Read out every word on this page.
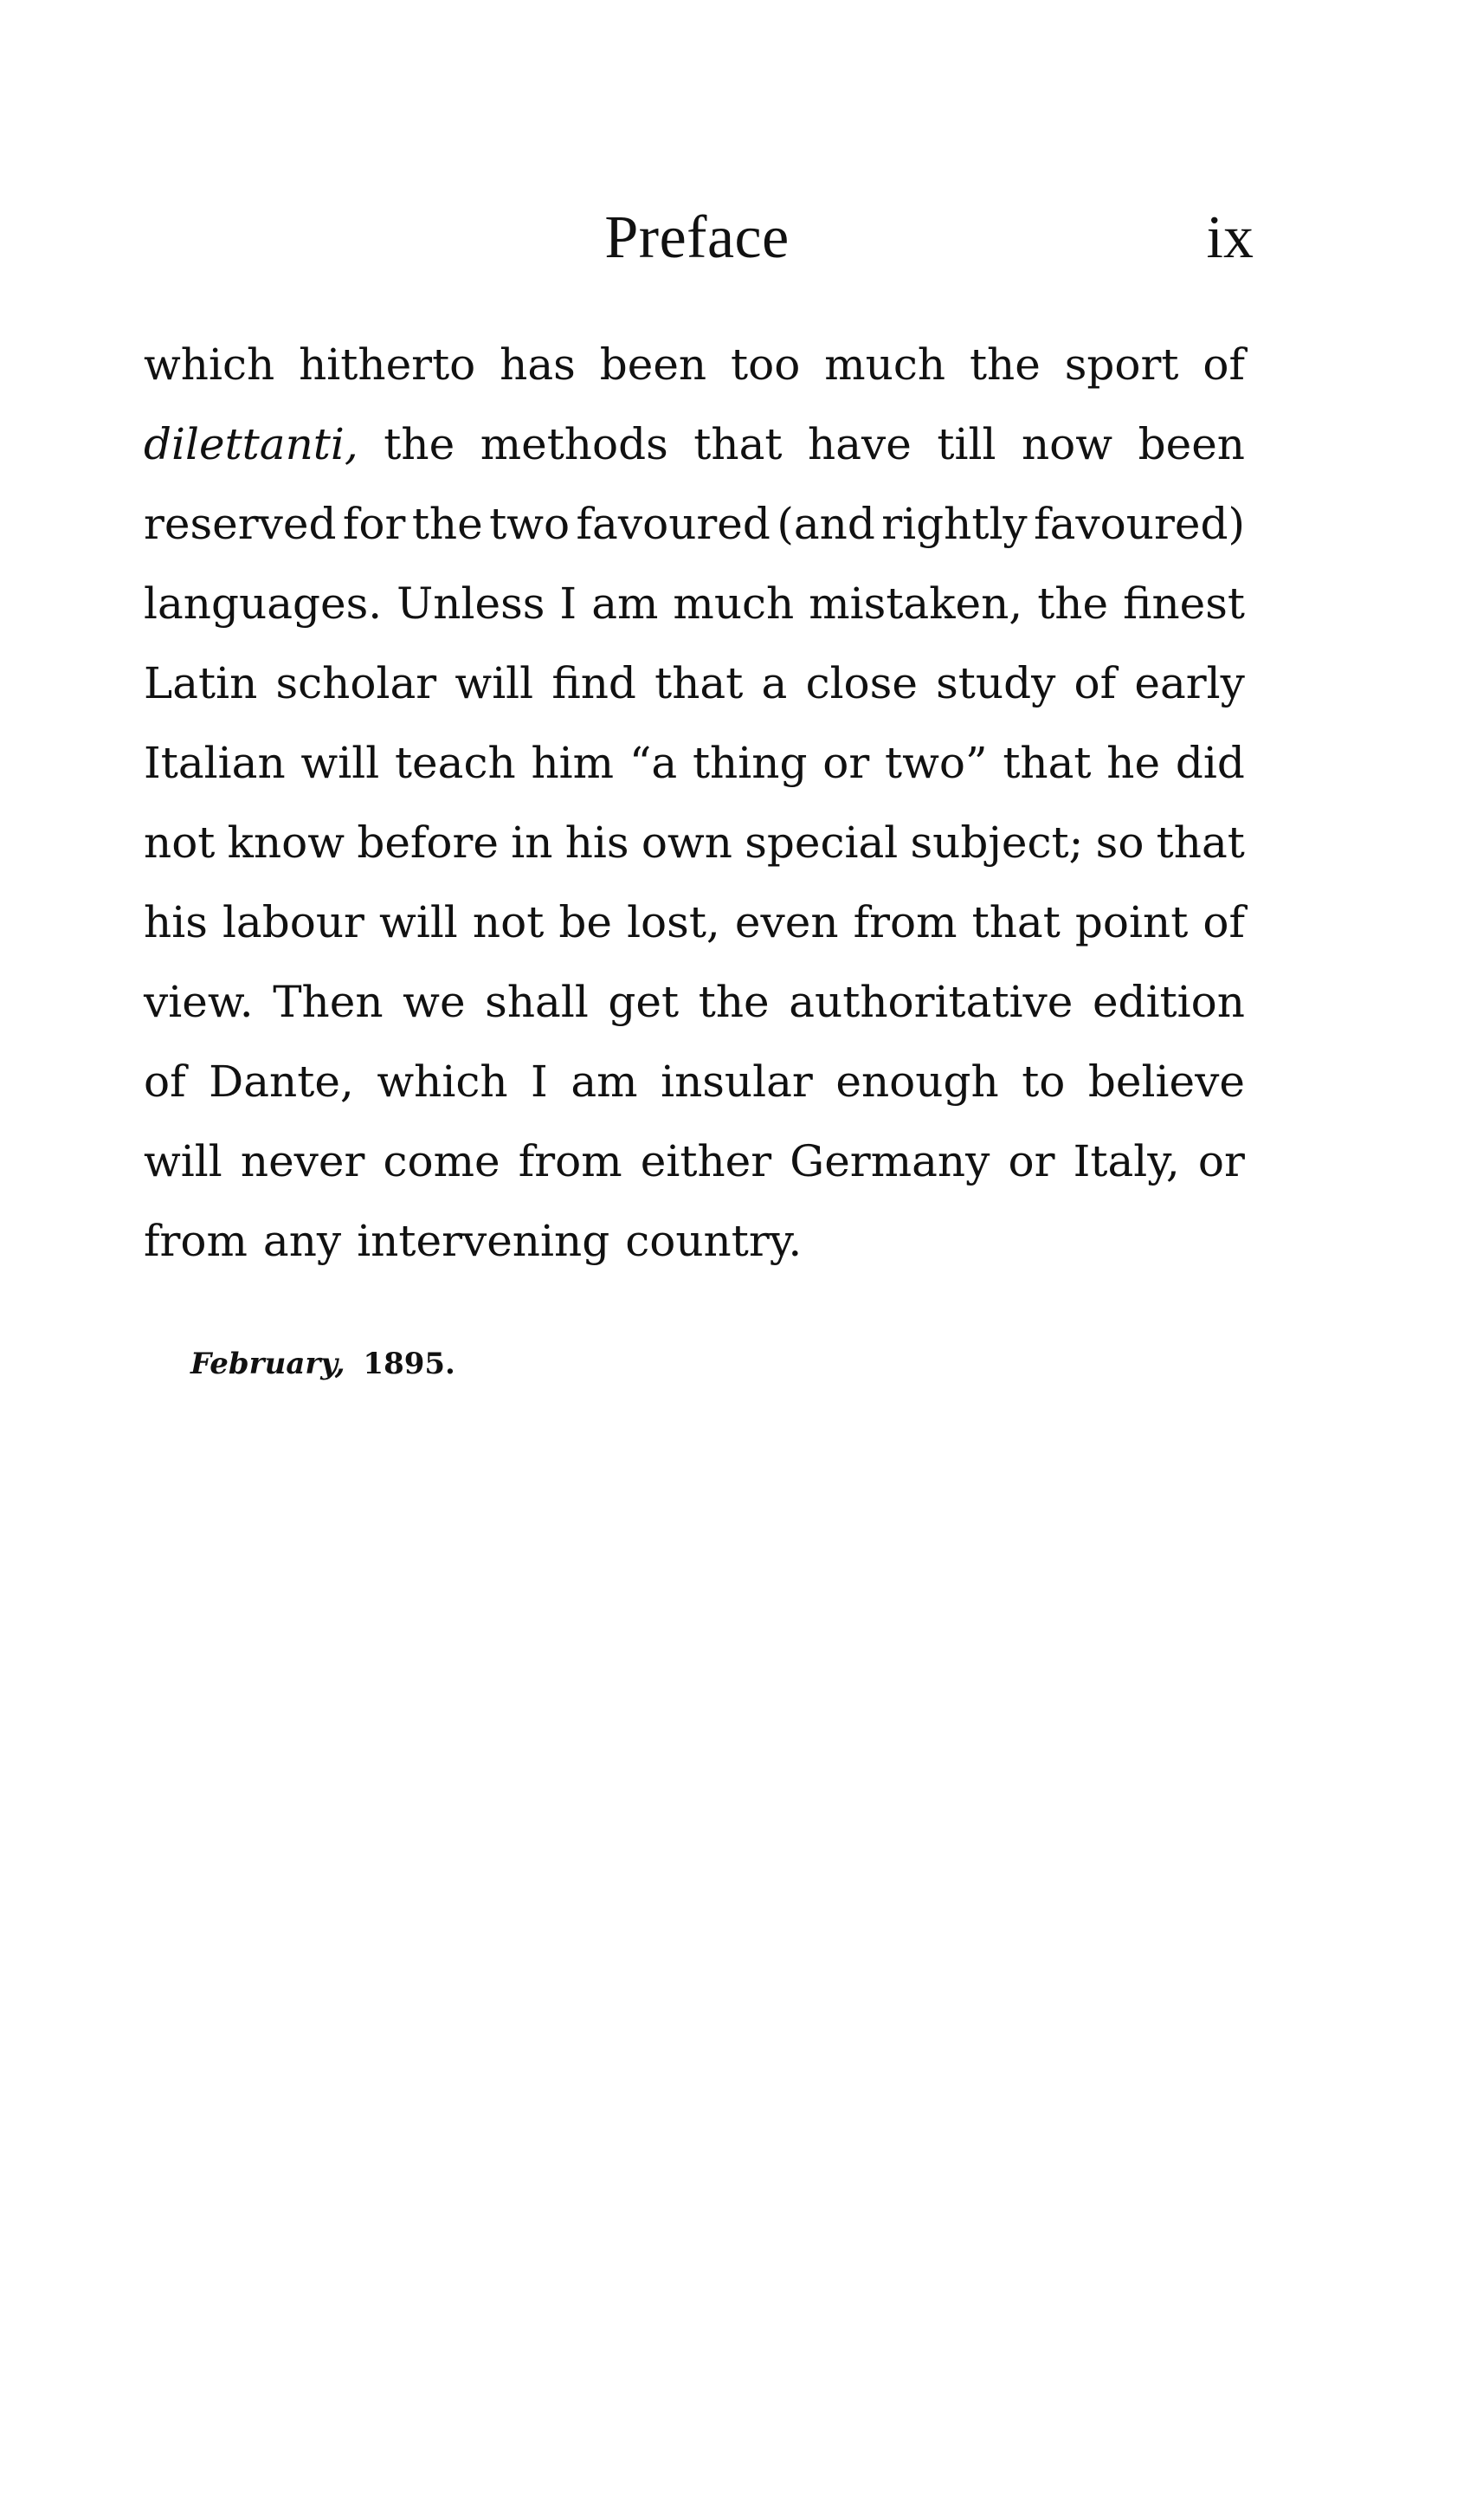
Preface	ix
which hitherto has been too much the sport of
dilettanti, the methods that have till now been
reserved for the two favoured (and rightly favoured)
languages. Unless I am much mistaken, the finest
Latin scholar will find that a close study of early
Italian will teach him “a thing or two” that he did
not know before in his own special subject; so that
his labour will not be lost, even from that point of
view. Then we shall get the authoritative edition
of Dante, which I am insular enough to believe
will never come from either Germany or Italy, or
from any intervening country.
February, 1895.
